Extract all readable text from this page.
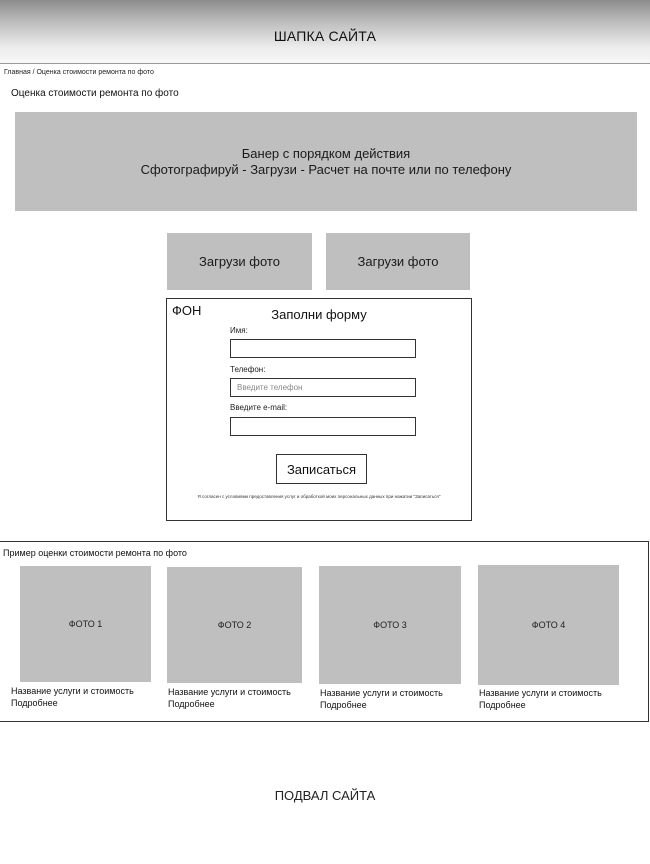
ШАПКА САЙТА
Главная / Оценка стоимости ремонта по фото
Оценка стоимости ремонта по фото
Банер с порядком действия
Сфотографируй - Загрузи - Расчет на почте или по телефону
Загрузи фото	Загрузи фото
ФОН	Заполни форму
Имя:
Телефон:
Введите телефон
Введите e-mail:
Записаться
Я согласен с условиями предоставления услуг и обработкой моих персональных данных при нажатии "Записаться"
Пример оценки стоимости ремонта по фото
ФОТО 1
Название услуги и стоимость
Подробнее
ФОТО 2
Название услуги и стоимость
Подробнее
ФОТО 3
Название услуги и стоимость
Подробнее
ФОТО 4
Название услуги и стоимость
Подробнее
ПОДВАЛ САЙТА
